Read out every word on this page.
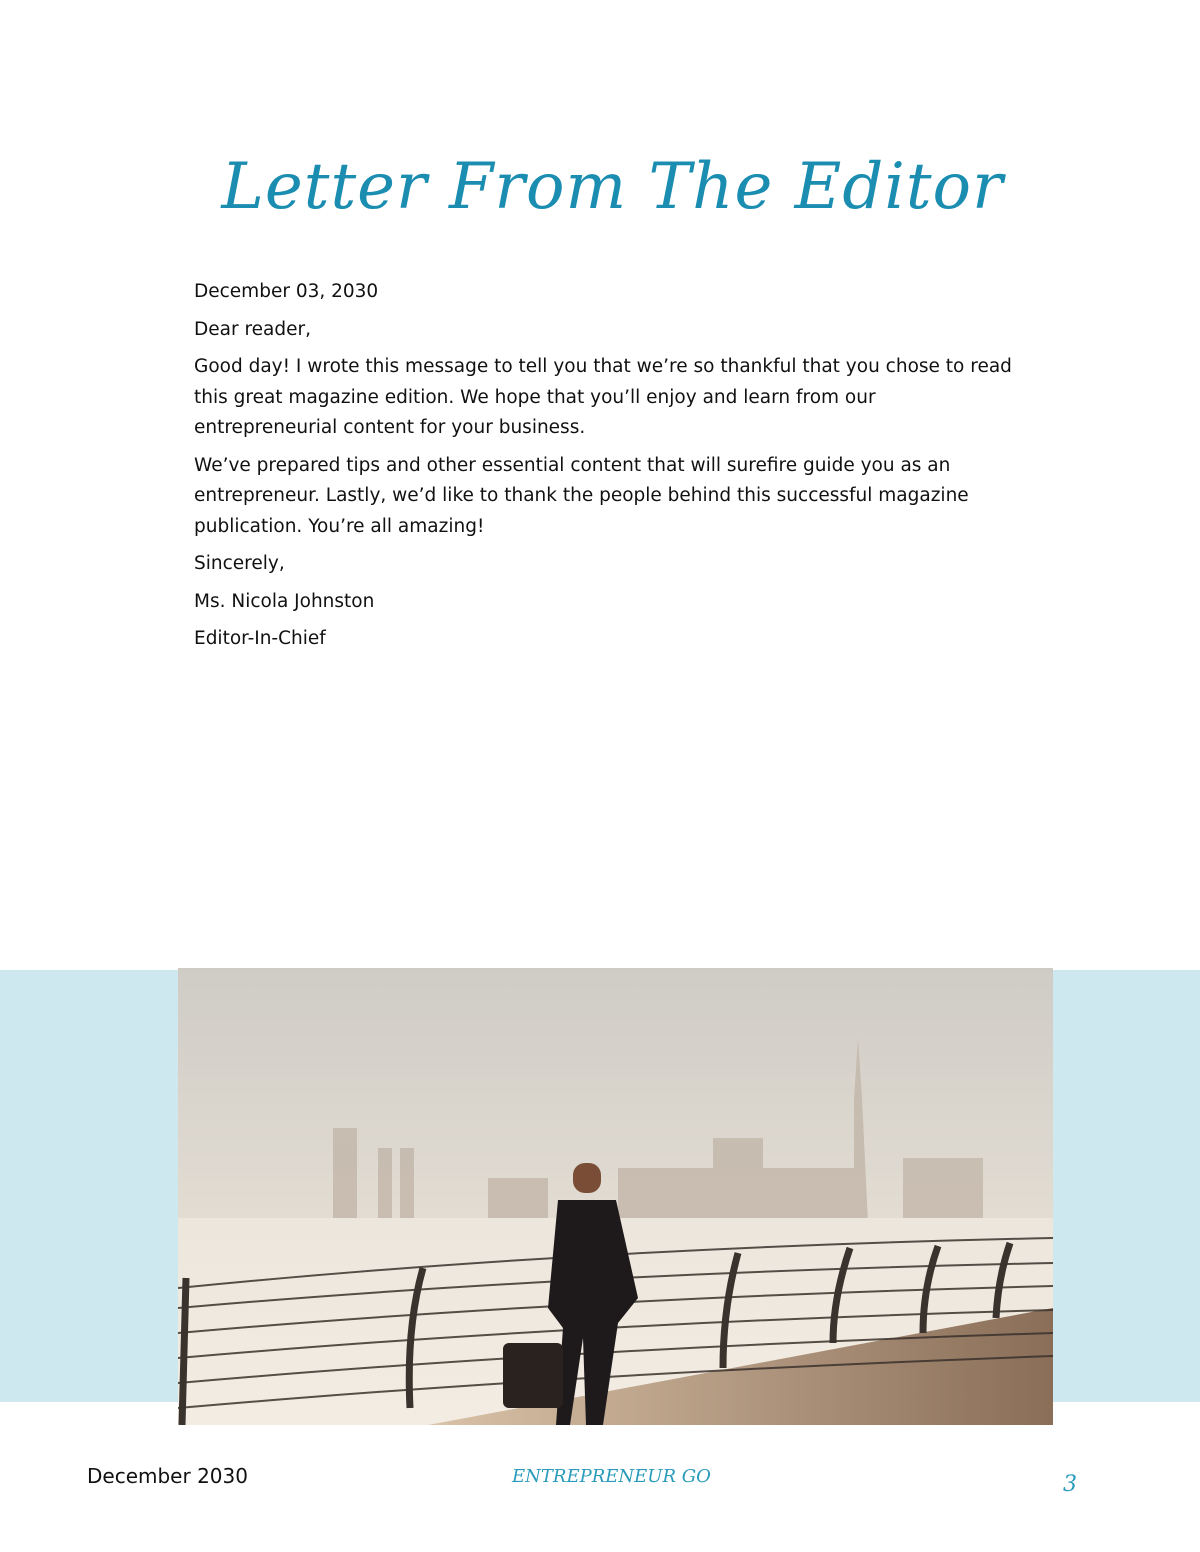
Letter From The Editor

December 03, 2030

Dear reader,

Good day! I wrote this message to tell you that we’re so thankful that you chose to read this great magazine edition. We hope that you’ll enjoy and learn from our entrepreneurial content for your business.

We’ve prepared tips and other essential content that will surefire guide you as an entrepreneur. Lastly, we’d like to thank the people behind this successful magazine publication. You’re all amazing!

Sincerely,

Ms. Nicola Johnston

Editor-In-Chief

December 2030	ENTREPRENEUR GO	3
